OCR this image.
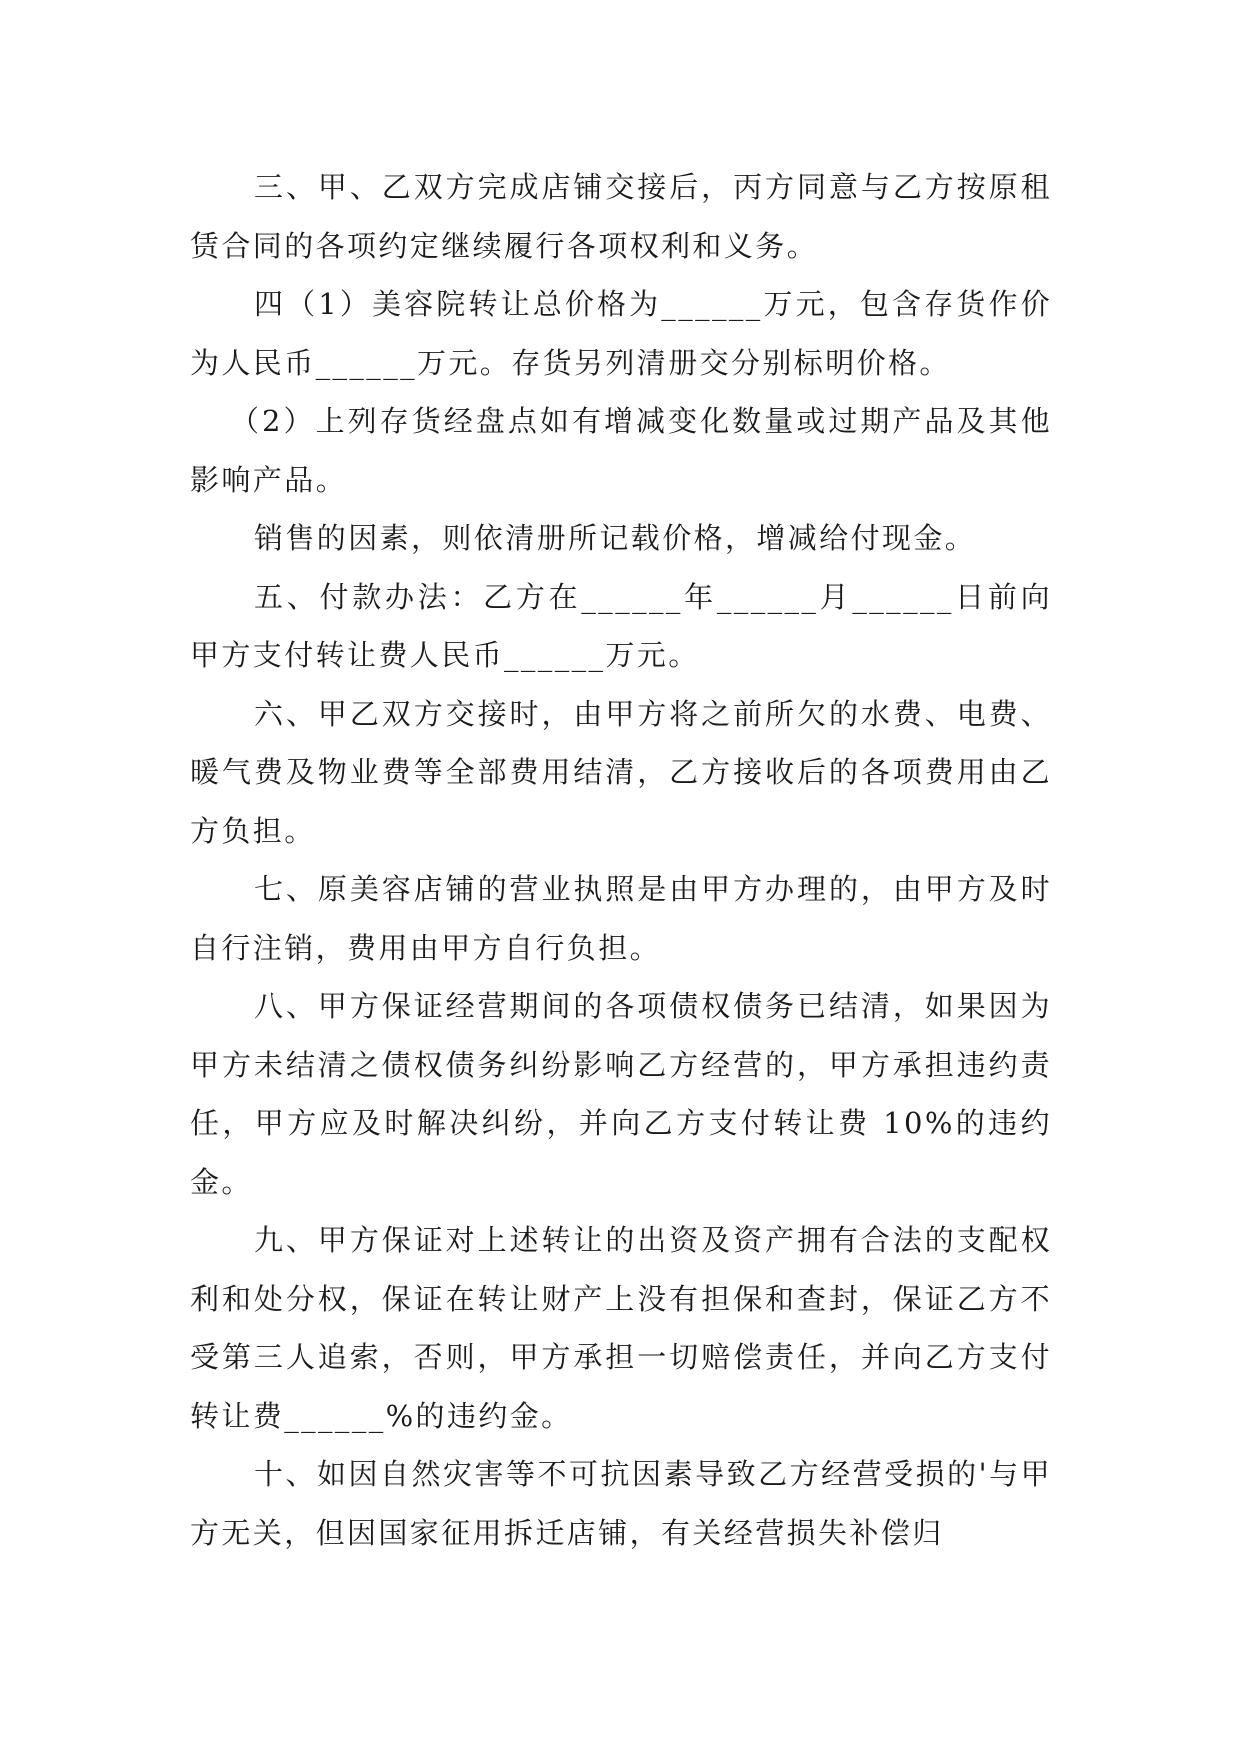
三、甲、乙双方完成店铺交接后，丙方同意与乙方按原租赁合同的各项约定继续履行各项权利和义务。

四（1）美容院转让总价格为______万元，包含存货作价为人民币______万元。存货另列清册交分别标明价格。

（2）上列存货经盘点如有增减变化数量或过期产品及其他影响产品。

销售的因素，则依清册所记载价格，增减给付现金。

五、付款办法：乙方在______年______月______日前向甲方支付转让费人民币______万元。

六、甲乙双方交接时，由甲方将之前所欠的水费、电费、暖气费及物业费等全部费用结清，乙方接收后的各项费用由乙方负担。

七、原美容店铺的营业执照是由甲方办理的，由甲方及时自行注销，费用由甲方自行负担。

八、甲方保证经营期间的各项债权债务已结清，如果因为甲方未结清之债权债务纠纷影响乙方经营的，甲方承担违约责任，甲方应及时解决纠纷，并向乙方支付转让费 10%的违约金。

九、甲方保证对上述转让的出资及资产拥有合法的支配权利和处分权，保证在转让财产上没有担保和查封，保证乙方不受第三人追索，否则，甲方承担一切赔偿责任，并向乙方支付转让费______%的违约金。

十、如因自然灾害等不可抗因素导致乙方经营受损的'与甲方无关，但因国家征用拆迁店铺，有关经营损失补偿归
